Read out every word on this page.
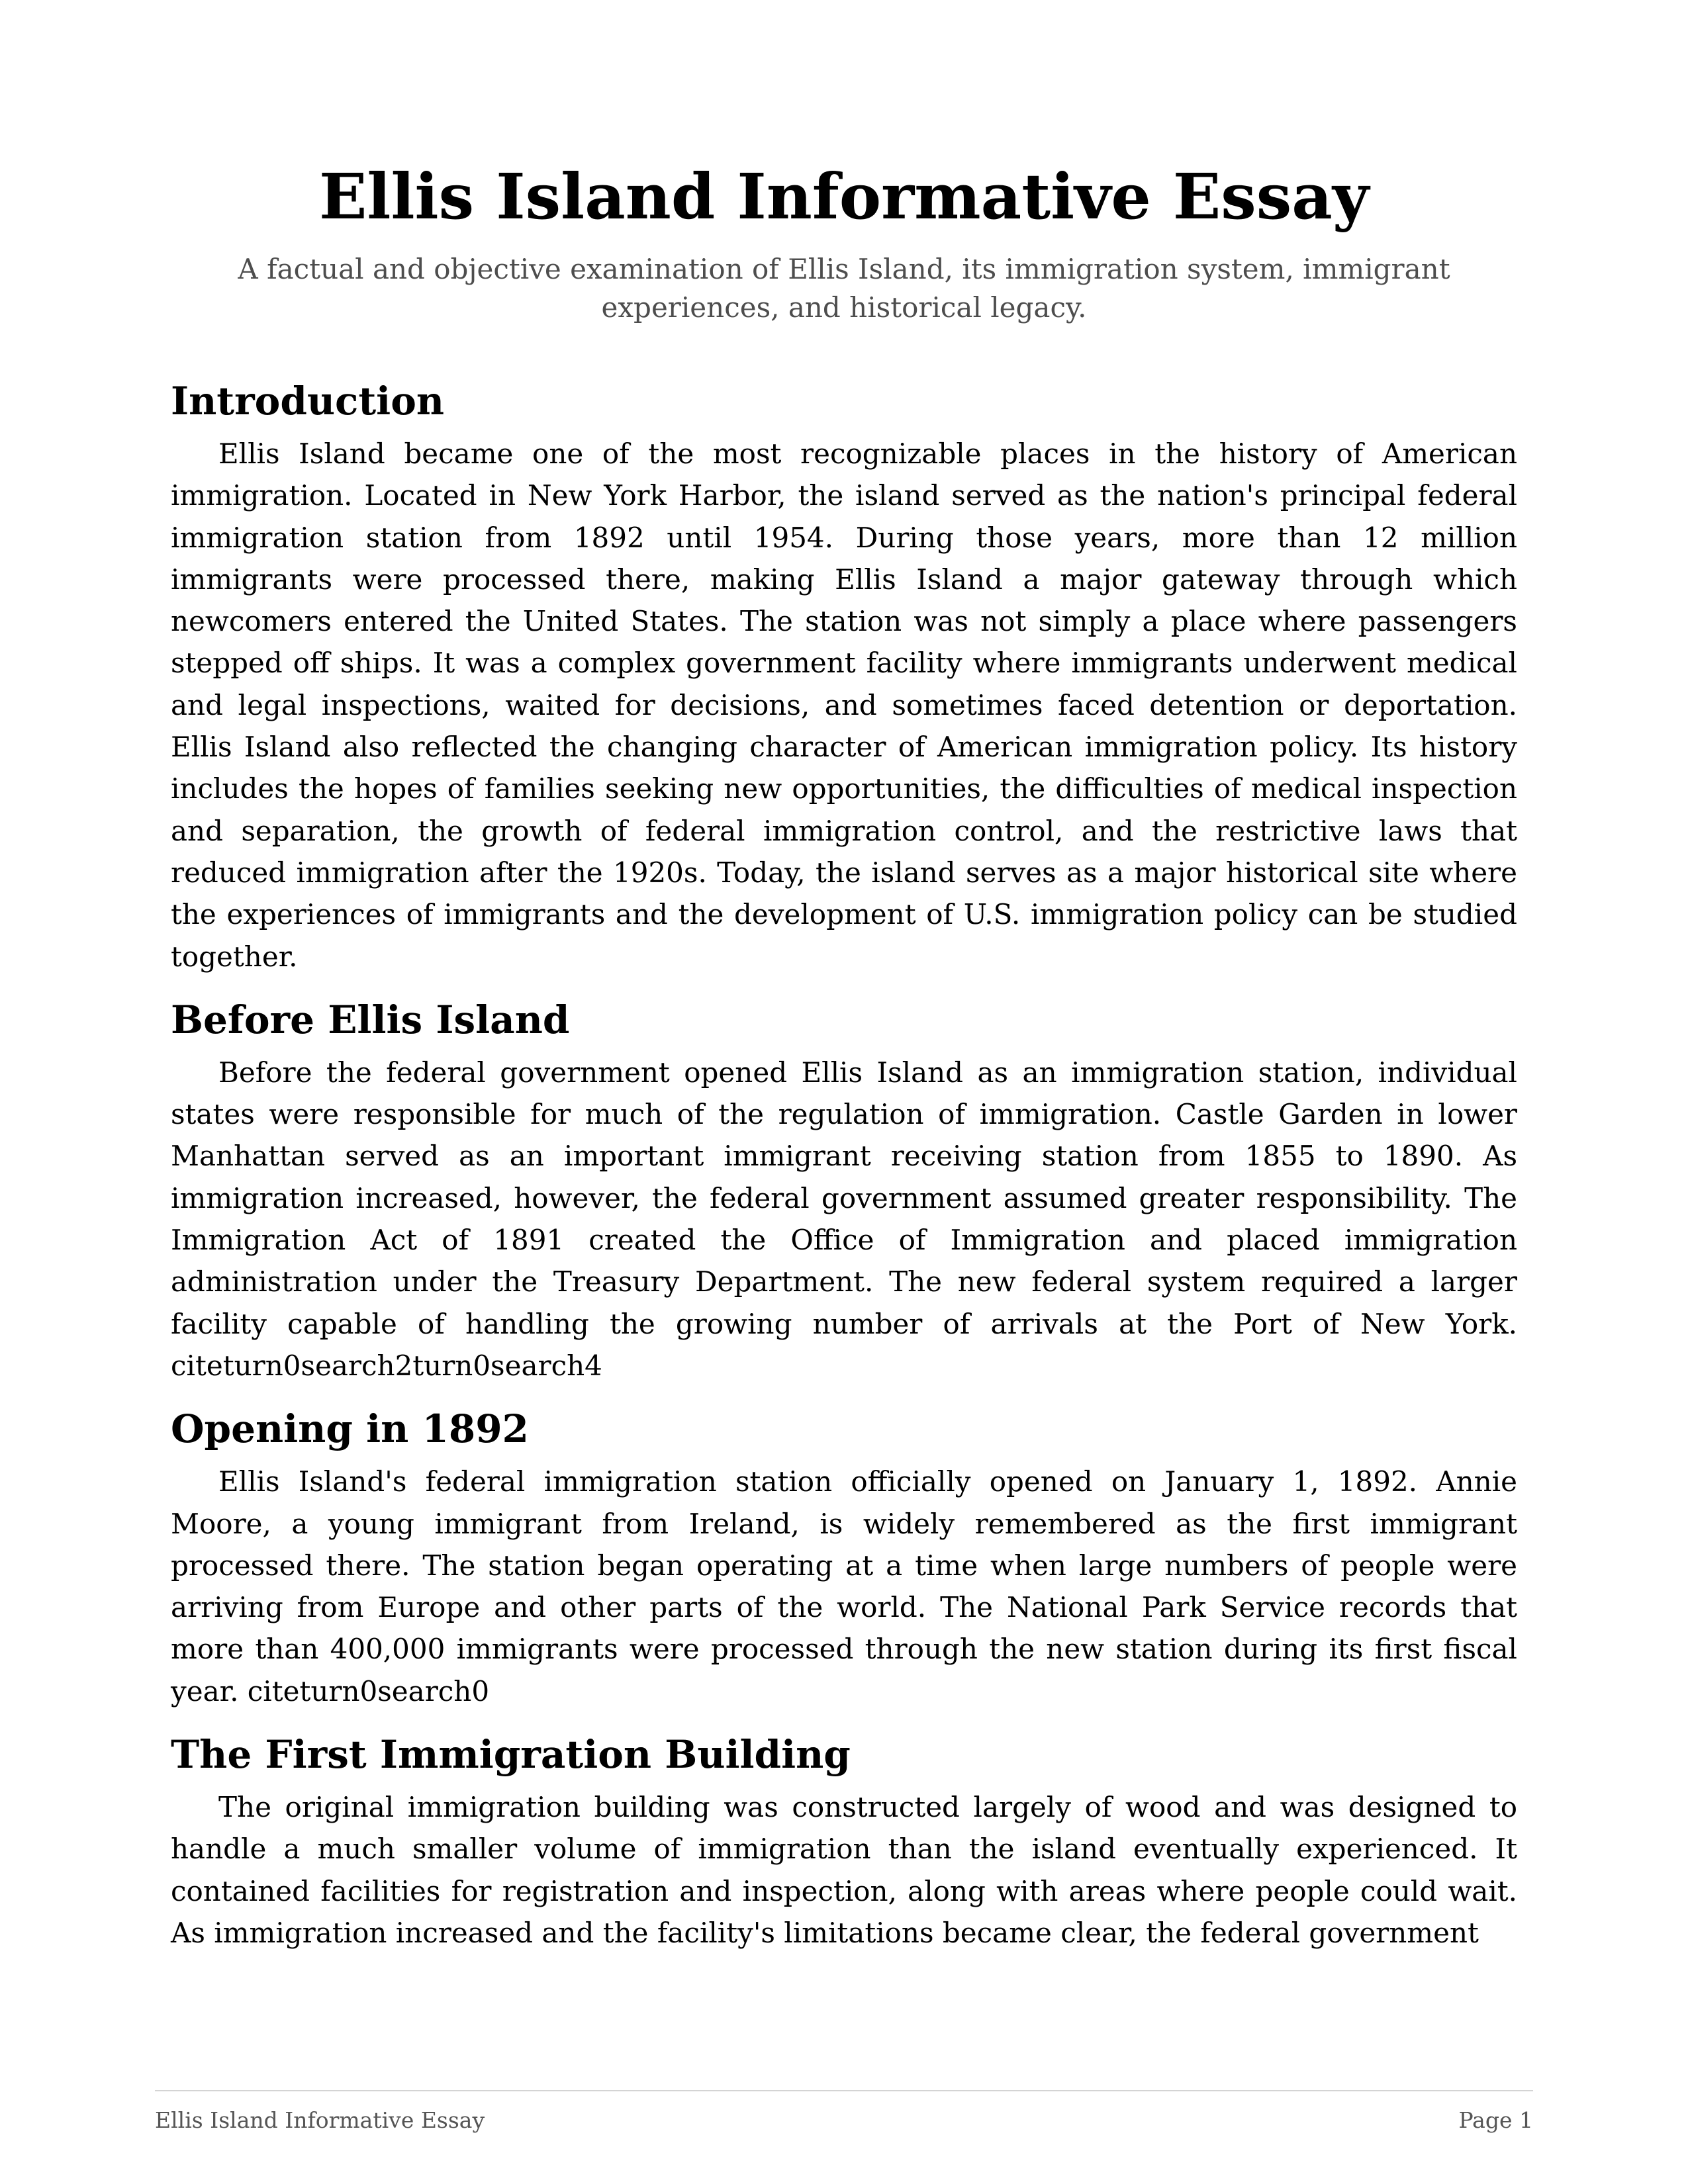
Ellis Island Informative Essay
A factual and objective examination of Ellis Island, its immigration system, immigrant experiences, and historical legacy.
Introduction

Ellis Island became one of the most recognizable places in the history of American immigration. Located in New York Harbor, the island served as the nation's principal federal immigration station from 1892 until 1954. During those years, more than 12 million immigrants were processed there, making Ellis Island a major gateway through which newcomers entered the United States. The station was not simply a place where passengers stepped off ships. It was a complex government facility where immigrants underwent medical and legal inspections, waited for decisions, and sometimes faced detention or deportation. Ellis Island also reflected the changing character of American immigration policy. Its history includes the hopes of families seeking new opportunities, the difficulties of medical inspection and separation, the growth of federal immigration control, and the restrictive laws that reduced immigration after the 1920s. Today, the island serves as a major historical site where the experiences of immigrants and the development of U.S. immigration policy can be studied together.

Before Ellis Island

Before the federal government opened Ellis Island as an immigration station, individual states were responsible for much of the regulation of immigration. Castle Garden in lower Manhattan served as an important immigrant receiving station from 1855 to 1890. As immigration increased, however, the federal government assumed greater responsibility. The Immigration Act of 1891 created the Office of Immigration and placed immigration administration under the Treasury Department. The new federal system required a larger facility capable of handling the growing number of arrivals at the Port of New York. citeturn0search2turn0search4

Opening in 1892

Ellis Island's federal immigration station officially opened on January 1, 1892. Annie Moore, a young immigrant from Ireland, is widely remembered as the first immigrant processed there. The station began operating at a time when large numbers of people were arriving from Europe and other parts of the world. The National Park Service records that more than 400,000 immigrants were processed through the new station during its first fiscal year. citeturn0search0

The First Immigration Building

The original immigration building was constructed largely of wood and was designed to handle a much smaller volume of immigration than the island eventually experienced. It contained facilities for registration and inspection, along with areas where people could wait. As immigration increased and the facility's limitations became clear, the federal government

Ellis Island Informative Essay	Page 1
